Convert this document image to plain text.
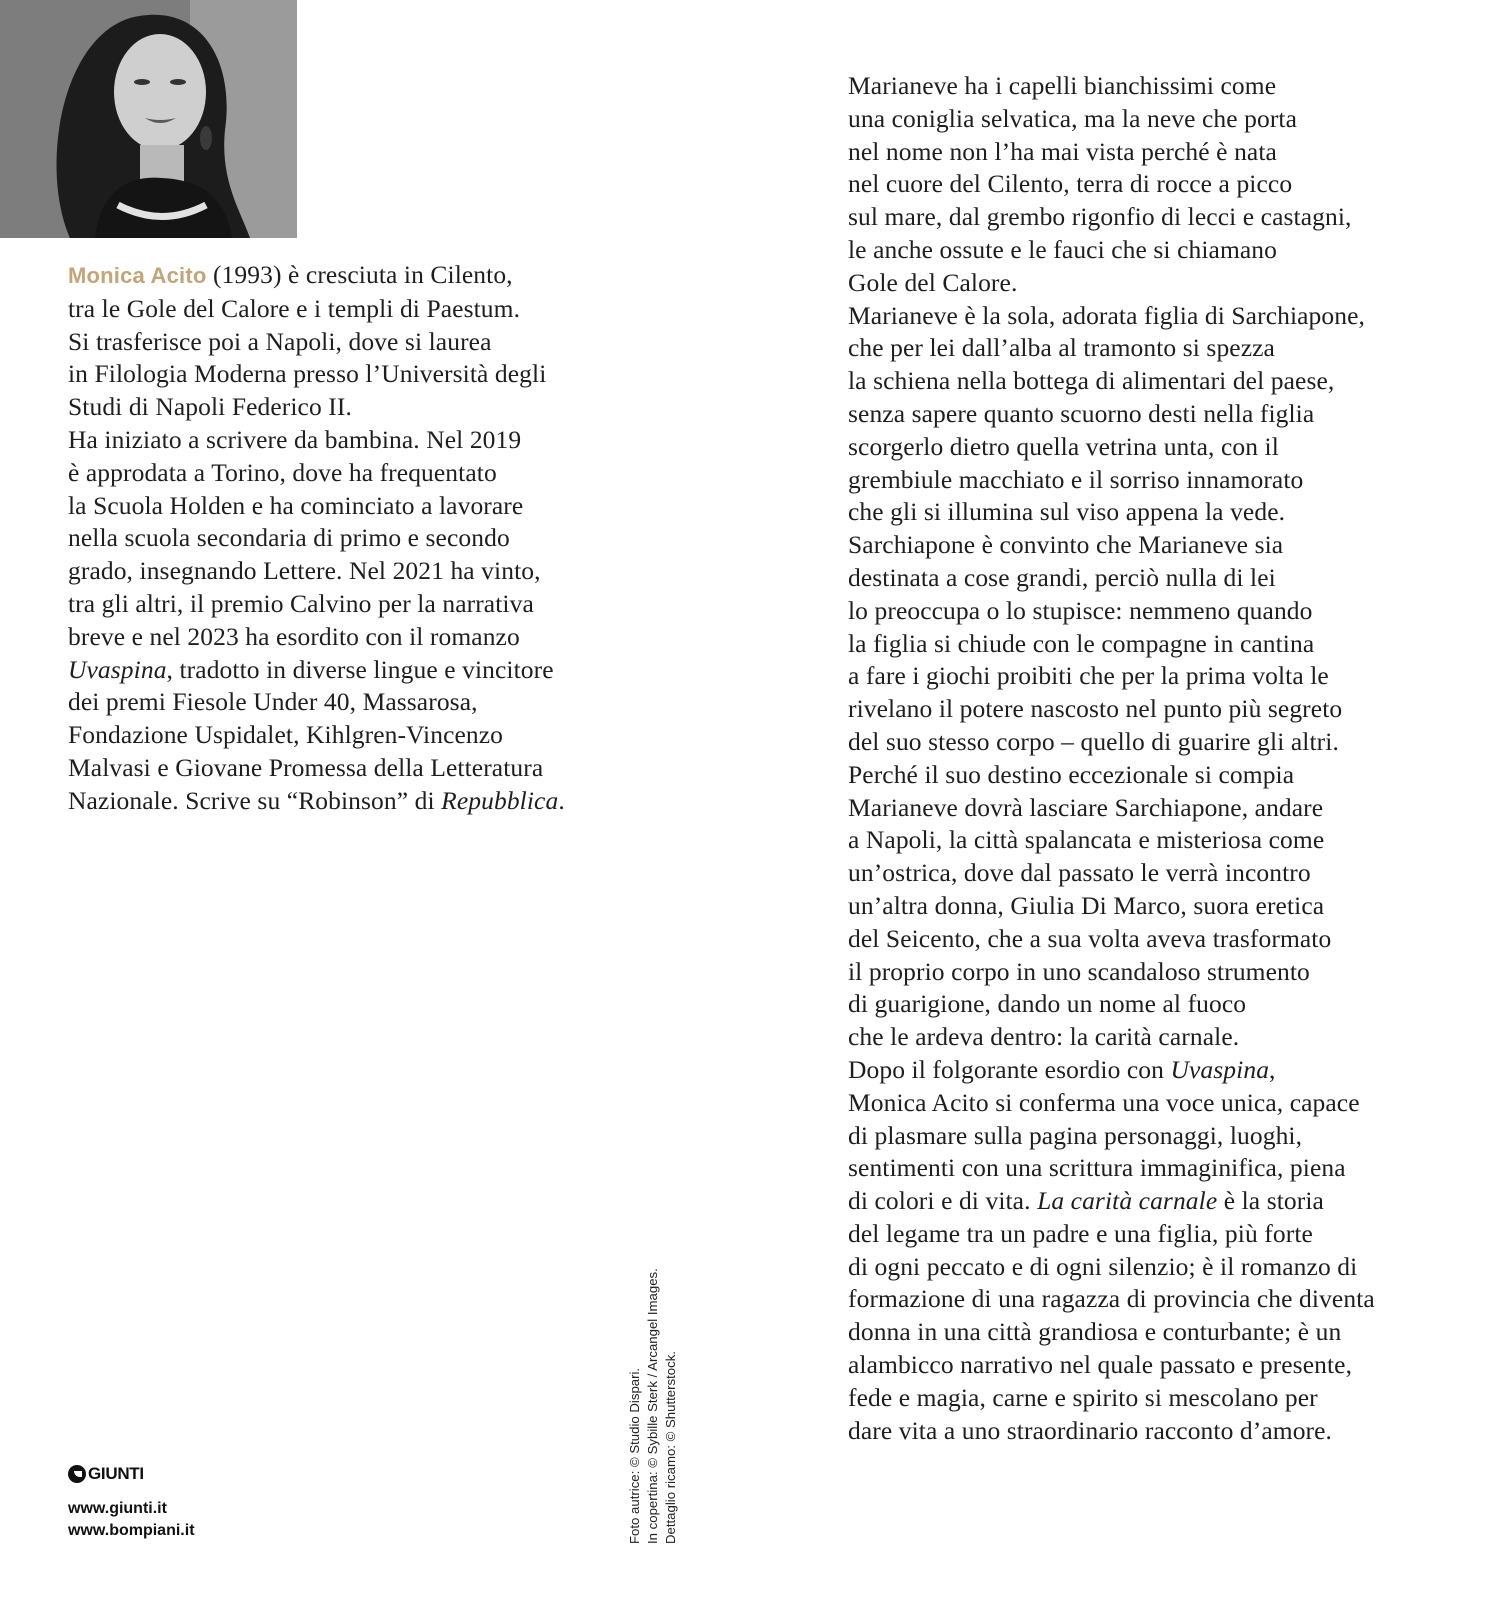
Monica Acito (1993) è cresciuta in Cilento,
tra le Gole del Calore e i templi di Paestum.
Si trasferisce poi a Napoli, dove si laurea
in Filologia Moderna presso l’Università degli
Studi di Napoli Federico II.
Ha iniziato a scrivere da bambina. Nel 2019
è approdata a Torino, dove ha frequentato
la Scuola Holden e ha cominciato a lavorare
nella scuola secondaria di primo e secondo
grado, insegnando Lettere. Nel 2021 ha vinto,
tra gli altri, il premio Calvino per la narrativa
breve e nel 2023 ha esordito con il romanzo
Uvaspina, tradotto in diverse lingue e vincitore
dei premi Fiesole Under 40, Massarosa,
Fondazione Uspidalet, Kihlgren-Vincenzo
Malvasi e Giovane Promessa della Letteratura
Nazionale. Scrive su “Robinson” di Repubblica.
Marianeve ha i capelli bianchissimi come
una coniglia selvatica, ma la neve che porta
nel nome non l’ha mai vista perché è nata
nel cuore del Cilento, terra di rocce a picco
sul mare, dal grembo rigonfio di lecci e castagni,
le anche ossute e le fauci che si chiamano
Gole del Calore.
Marianeve è la sola, adorata figlia di Sarchiapone,
che per lei dall’alba al tramonto si spezza
la schiena nella bottega di alimentari del paese,
senza sapere quanto scuorno desti nella figlia
scorgerlo dietro quella vetrina unta, con il
grembiule macchiato e il sorriso innamorato
che gli si illumina sul viso appena la vede.
Sarchiapone è convinto che Marianeve sia
destinata a cose grandi, perciò nulla di lei
lo preoccupa o lo stupisce: nemmeno quando
la figlia si chiude con le compagne in cantina
a fare i giochi proibiti che per la prima volta le
rivelano il potere nascosto nel punto più segreto
del suo stesso corpo – quello di guarire gli altri.
Perché il suo destino eccezionale si compia
Marianeve dovrà lasciare Sarchiapone, andare
a Napoli, la città spalancata e misteriosa come
un’ostrica, dove dal passato le verrà incontro
un’altra donna, Giulia Di Marco, suora eretica
del Seicento, che a sua volta aveva trasformato
il proprio corpo in uno scandaloso strumento
di guarigione, dando un nome al fuoco
che le ardeva dentro: la carità carnale.
Dopo il folgorante esordio con Uvaspina,
Monica Acito si conferma una voce unica, capace
di plasmare sulla pagina personaggi, luoghi,
sentimenti con una scrittura immaginifica, piena
di colori e di vita. La carità carnale è la storia
del legame tra un padre e una figlia, più forte
di ogni peccato e di ogni silenzio; è il romanzo di
formazione di una ragazza di provincia che diventa
donna in una città grandiosa e conturbante; è un
alambicco narrativo nel quale passato e presente,
fede e magia, carne e spirito si mescolano per
dare vita a uno straordinario racconto d’amore.
Foto autrice: © Studio Dispari. In copertina: © Sybille Sterk / Arcangel Images. Dettaglio ricamo: © Shutterstock.
GIUNTI
www.giunti.it
www.bompiani.it
